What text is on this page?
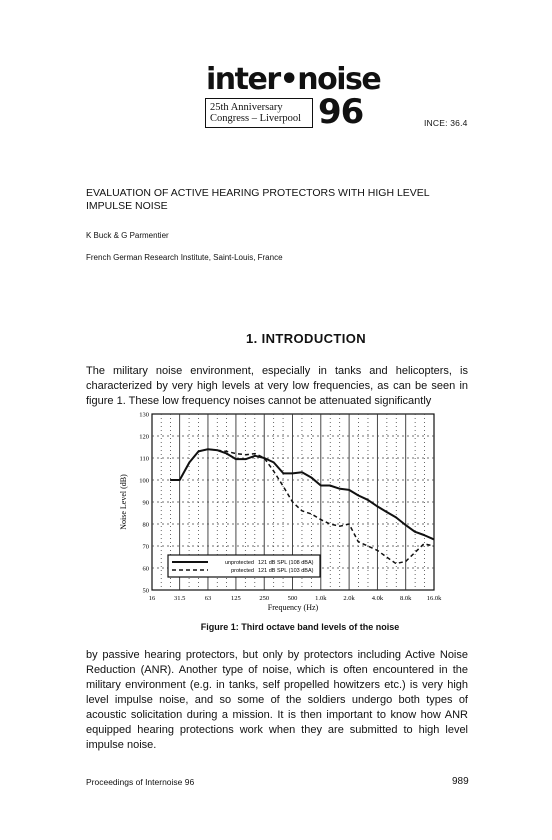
inter•noise
25th Anniversary
Congress – Liverpool 96	INCE: 36.4
EVALUATION OF ACTIVE HEARING PROTECTORS WITH HIGH LEVEL IMPULSE NOISE
K Buck & G Parmentier
French German Research Institute, Saint-Louis, France
1. INTRODUCTION
The military noise environment, especially in tanks and helicopters, is characterized by very high levels at very low frequencies, as can be seen in figure 1. These low frequency noises cannot be attenuated significantly
unprotected 121 dB SPL (108 dBA)
protected 121 dB SPL (103 dBA)
16	31.5	63	125	250	500	1.0k	2.0k	4.0k	8.0k 16.0k
50
60
70
80
90
100
110
120
130
Frequency (Hz)
Noise Level (dB)
Figure 1: Third octave band levels of the noise
by passive hearing protectors, but only by protectors including Active Noise Reduction (ANR). Another type of noise, which is often encountered in the military environment (e.g. in tanks, self propelled howitzers etc.) is very high level impulse noise, and so some of the soldiers undergo both types of acoustic solicitation during a mission. It is then important to know how ANR equipped hearing protections work when they are submitted to high level impulse noise.
Proceedings of Internoise 96	989
